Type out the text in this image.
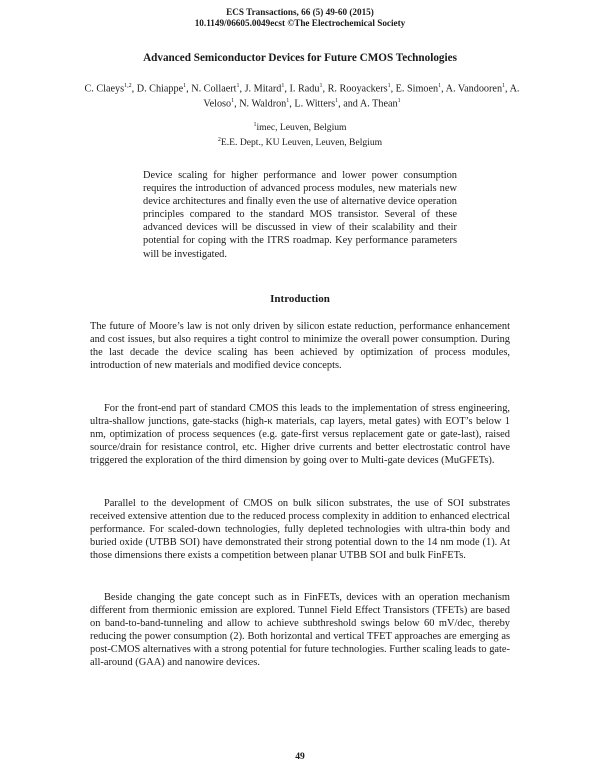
ECS Transactions, 66 (5) 49-60 (2015)
10.1149/06605.0049ecst ©The Electrochemical Society
Advanced Semiconductor Devices for Future CMOS Technologies
C. Claeys$^{1,2}$, D. Chiappe$^1$, N. Collaert$^1$, J. Mitard$^1$, I. Radu$^1$, R. Rooyackers$^1$, E. Simoen$^1$, A. Vandooren$^1$, A. Veloso$^1$, N. Waldron$^1$, L. Witters$^1$, and A. Thean$^1$
$^1$imec, Leuven, Belgium
$^2$E.E. Dept., KU Leuven, Leuven, Belgium
Device scaling for higher performance and lower power consumption requires the introduction of advanced process modules, new materials new device architectures and finally even the use of alternative device operation principles compared to the standard MOS transistor. Several of these advanced devices will be discussed in view of their scalability and their potential for coping with the ITRS roadmap. Key performance parameters will be investigated.
Introduction

The future of Moore’s law is not only driven by silicon estate reduction, performance enhancement and cost issues, but also requires a tight control to minimize the overall power consumption. During the last decade the device scaling has been achieved by optimization of process modules, introduction of new materials and modified device concepts.

For the front-end part of standard CMOS this leads to the implementation of stress engineering, ultra-shallow junctions, gate-stacks (high-κ materials, cap layers, metal gates) with EOT’s below 1 nm, optimization of process sequences (e.g. gate-first versus replacement gate or gate-last), raised source/drain for resistance control, etc. Higher drive currents and better electrostatic control have triggered the exploration of the third dimension by going over to Multi-gate devices (MuGFETs).

Parallel to the development of CMOS on bulk silicon substrates, the use of SOI substrates received extensive attention due to the reduced process complexity in addition to enhanced electrical performance. For scaled-down technologies, fully depleted technologies with ultra-thin body and buried oxide (UTBB SOI) have demonstrated their strong potential down to the 14 nm mode (1). At those dimensions there exists a competition between planar UTBB SOI and bulk FinFETs.

Beside changing the gate concept such as in FinFETs, devices with an operation mechanism different from thermionic emission are explored. Tunnel Field Effect Transistors (TFETs) are based on band-to-band-tunneling and allow to achieve subthreshold swings below 60 mV/dec, thereby reducing the power consumption (2). Both horizontal and vertical TFET approaches are emerging as post-CMOS alternatives with a strong potential for future technologies. Further scaling leads to gate-all-around (GAA) and nanowire devices.

49
